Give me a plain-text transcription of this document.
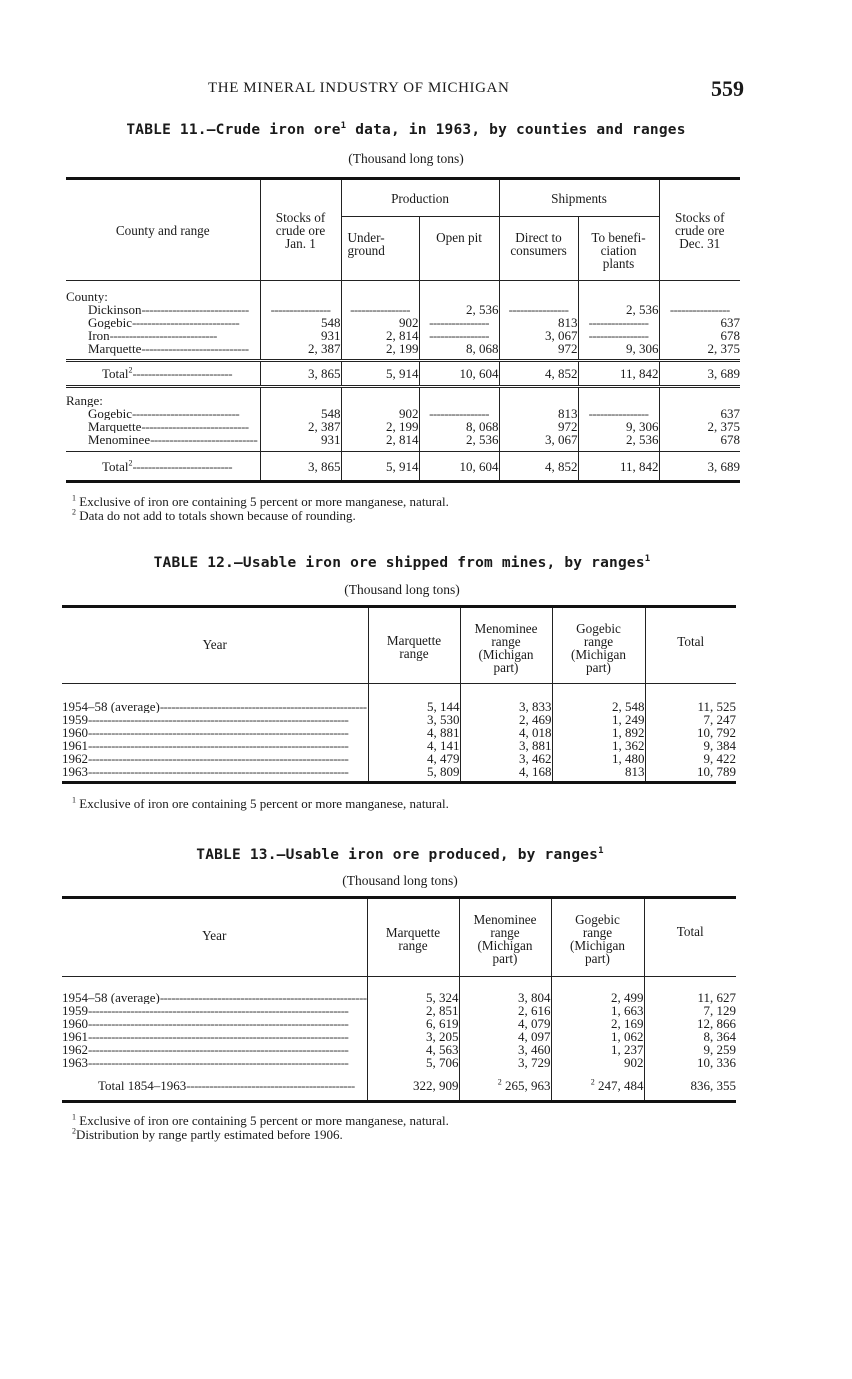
THE MINERAL INDUSTRY OF MICHIGAN	559
TABLE 11.—Crude iron ore$^1$ data, in 1963, by counties and ranges
(Thousand long tons)
County and range	Stocks of crude ore Jan. 1	Production		Shipments		Stocks of crude ore Dec. 31
		Under- ground	Open pit	Direct to consumers	To benefi- ciation plants	
County:						
Dickinson----------------------------	----------------	----------------	2, 536	----------------	2, 536	----------------
Gogebic----------------------------	548	902	----------------	813	----------------	637
Iron----------------------------	931	2, 814	----------------	3, 067	----------------	678
Marquette----------------------------	2, 387	2, 199	8, 068	972	9, 306	2, 375
Total$^2$--------------------------	3, 865	5, 914	10, 604	4, 852	11, 842	3, 689
Range:						
Gogebic----------------------------	548	902	----------------	813	----------------	637
Marquette----------------------------	2, 387	2, 199	8, 068	972	9, 306	2, 375
Menominee----------------------------	931	2, 814	2, 536	3, 067	2, 536	678
Total$^2$--------------------------	3, 865	5, 914	10, 604	4, 852	11, 842	3, 689
$^1$ Exclusive of iron ore containing 5 percent or more manganese, natural.
$^2$ Data do not add to totals shown because of rounding.
TABLE 12.—Usable iron ore shipped from mines, by ranges$^1$
(Thousand long tons)
Year	Marquette range	Menominee range (Michigan part)	Gogebic range (Michigan part)	Total

1954–58 (average)------------------------------------------------------	5, 144	3, 833	2, 548	11, 525
1959--------------------------------------------------------------------	3, 530	2, 469	1, 249	7, 247
1960--------------------------------------------------------------------	4, 881	4, 018	1, 892	10, 792
1961--------------------------------------------------------------------	4, 141	3, 881	1, 362	9, 384
1962--------------------------------------------------------------------	4, 479	3, 462	1, 480	9, 422
1963--------------------------------------------------------------------	5, 809	4, 168	813	10, 789
$^1$ Exclusive of iron ore containing 5 percent or more manganese, natural.
TABLE 13.—Usable iron ore produced, by ranges$^1$
(Thousand long tons)
Year	Marquette range	Menominee range (Michigan part)	Gogebic range (Michigan part)	Total

1954–58 (average)------------------------------------------------------	5, 324	3, 804	2, 499	11, 627
1959--------------------------------------------------------------------	2, 851	2, 616	1, 663	7, 129
1960--------------------------------------------------------------------	6, 619	4, 079	2, 169	12, 866
1961--------------------------------------------------------------------	3, 205	4, 097	1, 062	8, 364
1962--------------------------------------------------------------------	4, 563	3, 460	1, 237	9, 259
1963--------------------------------------------------------------------	5, 706	3, 729	902	10, 336
Total 1854–1963--------------------------------------------	322, 909	$^2$ 265, 963	$^2$ 247, 484	836, 355
$^1$ Exclusive of iron ore containing 5 percent or more manganese, natural.
$^2$Distribution by range partly estimated before 1906.
